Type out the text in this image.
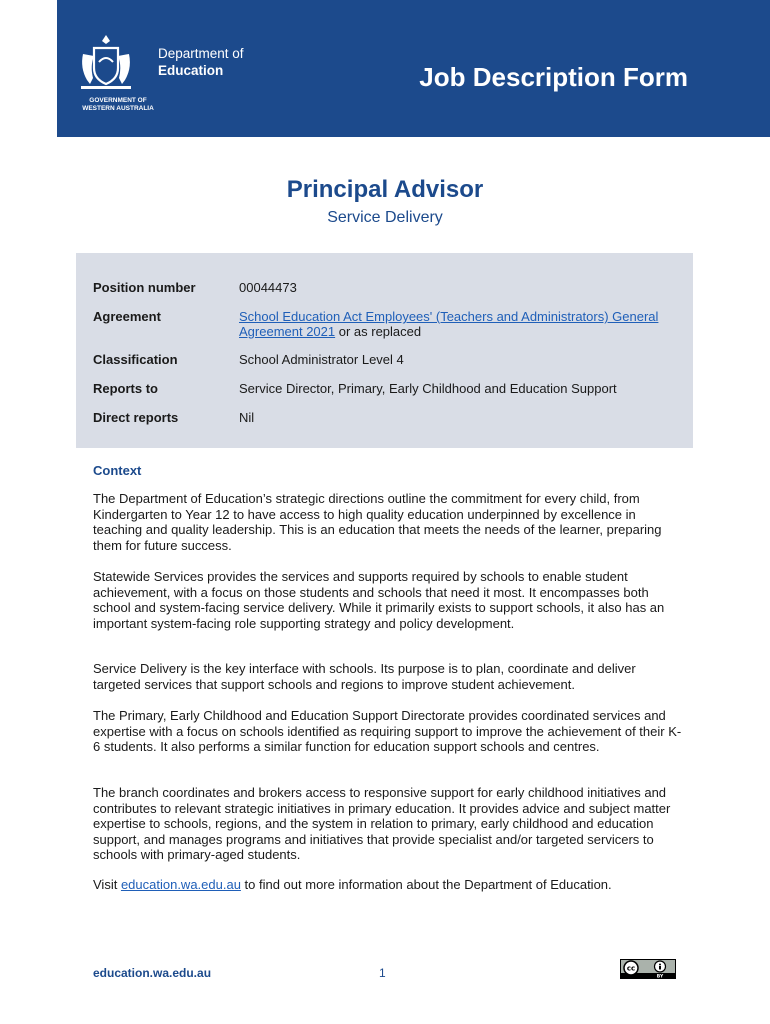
Department of
Education
GOVERNMENT OF
WESTERN AUSTRALIA
Job Description Form
Principal Advisor
Service Delivery
Position number	00044473
Agreement	School Education Act Employees' (Teachers and Administrators) General Agreement 2021 or as replaced
Classification	School Administrator Level 4
Reports to	Service Director, Primary, Early Childhood and Education Support
Direct reports	Nil
Context

The Department of Education’s strategic directions outline the commitment for every child, from Kindergarten to Year 12 to have access to high quality education underpinned by excellence in teaching and quality leadership. This is an education that meets the needs of the learner, preparing them for future success.

Statewide Services provides the services and supports required by schools to enable student achievement, with a focus on those students and schools that need it most. It encompasses both school and system-facing service delivery. While it primarily exists to support schools, it also has an important system-facing role supporting strategy and policy development.

Service Delivery is the key interface with schools. Its purpose is to plan, coordinate and deliver targeted services that support schools and regions to improve student achievement.

The Primary, Early Childhood and Education Support Directorate provides coordinated services and expertise with a focus on schools identified as requiring support to improve the achievement of their K-6 students. It also performs a similar function for education support schools and centres.

The branch coordinates and brokers access to responsive support for early childhood initiatives and contributes to relevant strategic initiatives in primary education. It provides advice and subject matter expertise to schools, regions, and the system in relation to primary, early childhood and education support, and manages programs and initiatives that provide specialist and/or targeted servicers to schools with primary-aged students.

Visit education.wa.edu.au to find out more information about the Department of Education.

education.wa.edu.au	1	cc
BY
